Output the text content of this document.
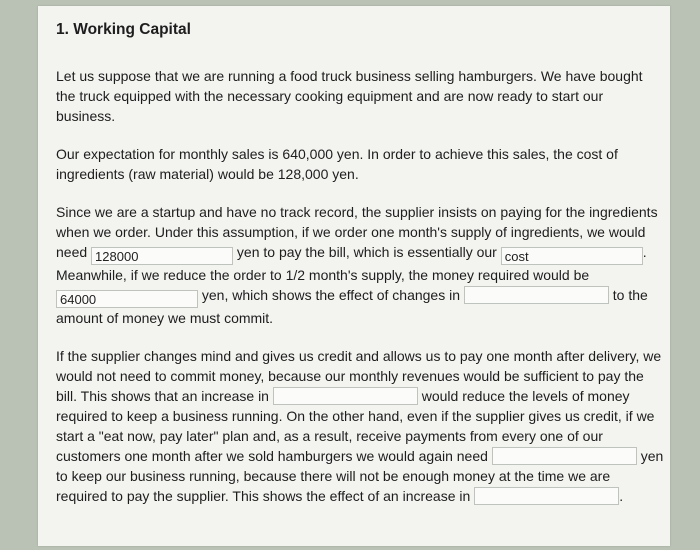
1. Working Capital

Let us suppose that we are running a food truck business selling hamburgers. We have bought the truck equipped with the necessary cooking equipment and are now ready to start our business.

Our expectation for monthly sales is 640,000 yen. In order to achieve this sales, the cost of ingredients (raw material) would be 128,000 yen.

Since we are a startup and have no track record, the supplier insists on paying for the ingredients when we order. Under this assumption, if we order one month's supply of ingredients, we would need 128000	yen to pay the bill, which is essentially our cost	. Meanwhile, if we reduce the order to 1/2 month's supply, the money required would be 64000	yen, which shows the effect of changes in	to the amount of money we must commit.

If the supplier changes mind and gives us credit and allows us to pay one month after delivery, we would not need to commit money, because our monthly revenues would be sufficient to pay the bill. This shows that an increase in	would reduce the levels of money required to keep a business running. On the other hand, even if the supplier gives us credit, if we start a "eat now, pay later" plan and, as a result, receive payments from every one of our customers one month after we sold hamburgers we would again need	yen to keep our business running, because there will not be enough money at the time we are required to pay the supplier. This shows the effect of an increase in	.
